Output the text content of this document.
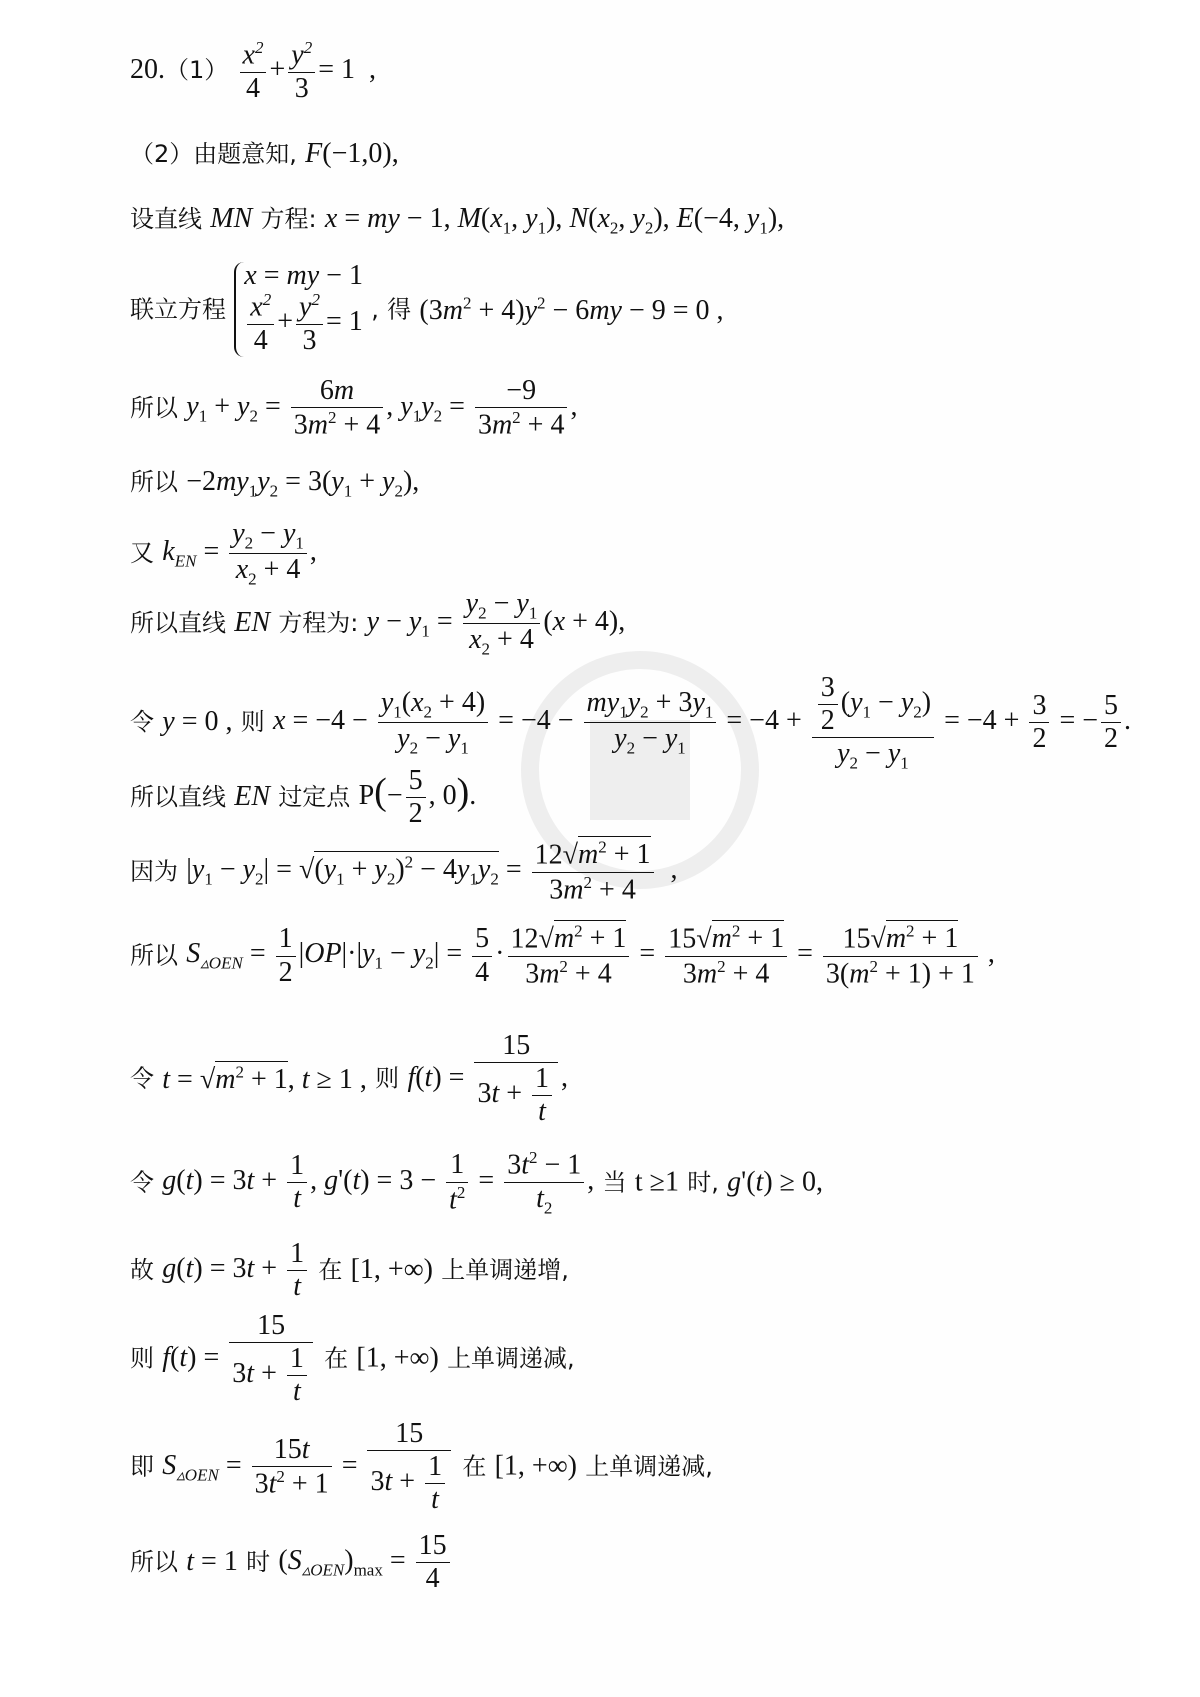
$20.(1) \frac{x^2}{4} + \frac{y^2}{3} = 1$  ,
（2）由题意知, F(−1,0),
设直线 MN 方程: x = my − 1, $M(x_1$, $y_1$), $N(x_2$, $y_2$), E(−4, $y_1$),
联立方程
x = my − 1
$\frac{x^2}{4} + \frac{y^2}{3} = 1$ , 得 $(3m^2 + 4)y^2 - 6my - 9 = 0$ ,
所以 $y_1 + y_2 = \frac{6m}{3m^2 + 4}$ , $y_1y_2 = \frac{-9}{3m^2 + 4}$ ,
所以 $-2my_1y_2 = 3(y_1 + y_2)$,
又 $k_{EN} = \frac{y_2 - y_1}{x_2 + 4}$ ,
所以直线 EN 方程为: $y - y_1 = \frac{y_2 - y_1}{x_2 + 4} (x + 4)$,
令 y = 0 , 则 $x = -4 - \frac{y_1(x_2 + 4)}{y_2 - y_1} = -4 - \frac{my_1y_2 + 3y_1}{y_2 - y_1} = -4 + \frac{\frac{3}{2} (y_1 - y_2)}{y_2 - y_1} = -4 + \frac{3}{2}$ = − $\frac{5}{2}$ .
所以直线 EN 过定点 $P(- \frac{5}{2}$ , 0).
因为 $|y_1 - y_2| = √(y_1 + y_2)^2 - 4y_1y_2 = \frac{12√m^2 + 1}{3m^2 + 4}$ ,
所以 $S_{▵OEN} = \frac{1}{2} |OP|\cdot|y_1 - y_2| = \frac{5}{4} \cdot \frac{12√m^2 + 1}{3m^2 + 4} = \frac{15√m^2 + 1}{3m^2 + 4} = \frac{15√m^2 + 1}{3(m^2 + 1) + 1}$ ,
令 $t = √m^2 + 1$, t ≥ 1 , 则 $f(t) = \frac{15}{3t + \frac{1}{t}}$ ,
令 $g(t) = 3t + \frac{1}{t}$ , $g'(t) = 3 - \frac{1}{t^2} = \frac{3t^2 - 1}{t_2}$ , 当 t ≥1 时, g'(t) ≥ 0,
故 $g(t) = 3t + \frac{1}{t}$ 在 [1, +∞) 上单调递增,
则 $f(t) = \frac{15}{3t + \frac{1}{t}}$ 在 [1, +∞) 上单调递减,
即 $S_{▵OEN} = \frac{15t}{3t^2 + 1} = \frac{15}{3t + \frac{1}{t}}$ 在 [1, +∞) 上单调递减,
所以 t = 1 时 $(S_{▵OEN})_{max} = \frac{15}{4}$
